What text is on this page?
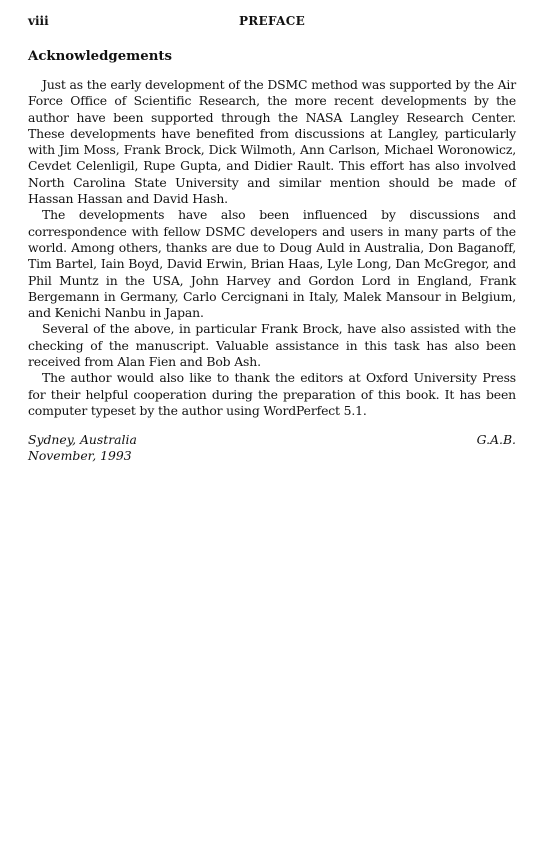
viii	PREFACE
Acknowledgements

Just as the early development of the DSMC method was supported by the Air Force Office of Scientific Research, the more recent developments by the author have been supported through the NASA Langley Research Center. These developments have benefited from discussions at Langley, particularly with Jim Moss, Frank Brock, Dick Wilmoth, Ann Carlson, Michael Woronowicz, Cevdet Celenligil, Rupe Gupta, and Didier Rault. This effort has also involved North Carolina State University and similar mention should be made of Hassan Hassan and David Hash.

The developments have also been influenced by discussions and correspondence with fellow DSMC developers and users in many parts of the world. Among others, thanks are due to Doug Auld in Australia, Don Baganoff, Tim Bartel, Iain Boyd, David Erwin, Brian Haas, Lyle Long, Dan McGregor, and Phil Muntz in the USA, John Harvey and Gordon Lord in England, Frank Bergemann in Germany, Carlo Cercignani in Italy, Malek Mansour in Belgium, and Kenichi Nanbu in Japan.

Several of the above, in particular Frank Brock, have also assisted with the checking of the manuscript. Valuable assistance in this task has also been received from Alan Fien and Bob Ash.

The author would also like to thank the editors at Oxford University Press for their helpful cooperation during the preparation of this book. It has been computer typeset by the author using WordPerfect 5.1.

Sydney, Australia
November, 1993
G.A.B.
